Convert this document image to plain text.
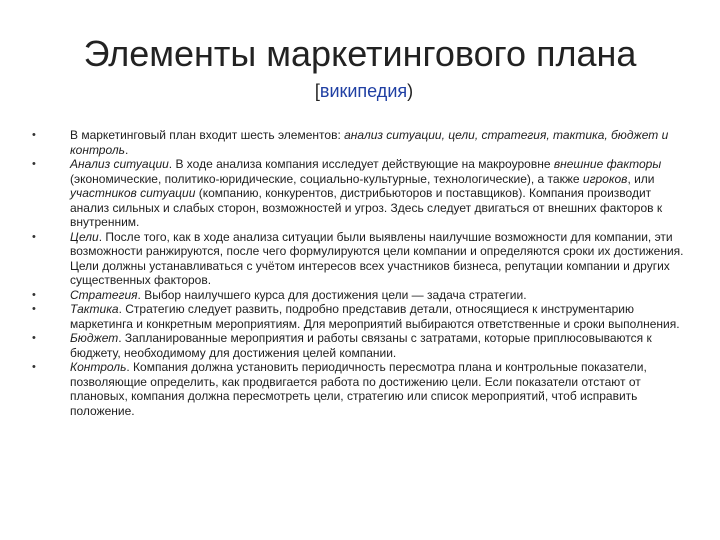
Элементы маркетингового плана
[википедия)
•	В маркетинговый план входит шесть элементов: анализ ситуации, цели, стратегия, тактика, бюджет и контроль.
•	Анализ ситуации. В ходе анализа компания исследует действующие на макроуровне внешние факторы (экономические, политико-юридические, социально-культурные, технологические), а также игроков, или участников ситуации (компанию, конкурентов, дистрибьюторов и поставщиков). Компания производит анализ сильных и слабых сторон, возможностей и угроз. Здесь следует двигаться от внешних факторов к внутренним.
•	Цели. После того, как в ходе анализа ситуации были выявлены наилучшие возможности для компании, эти возможности ранжируются, после чего формулируются цели компании и определяются сроки их достижения. Цели должны устанавливаться с учётом интересов всех участников бизнеса, репутации компании и других существенных факторов.
•	Стратегия. Выбор наилучшего курса для достижения цели — задача стратегии.
•	Тактика. Стратегию следует развить, подробно представив детали, относящиеся к инструментарию маркетинга и конкретным мероприятиям. Для мероприятий выбираются ответственные и сроки выполнения.
•	Бюджет. Запланированные мероприятия и работы связаны с затратами, которые приплюсовываются к бюджету, необходимому для достижения целей компании.
•	Контроль. Компания должна установить периодичность пересмотра плана и контрольные показатели, позволяющие определить, как продвигается работа по достижению цели. Если показатели отстают от плановых, компания должна пересмотреть цели, стратегию или список мероприятий, чтоб исправить положение.
